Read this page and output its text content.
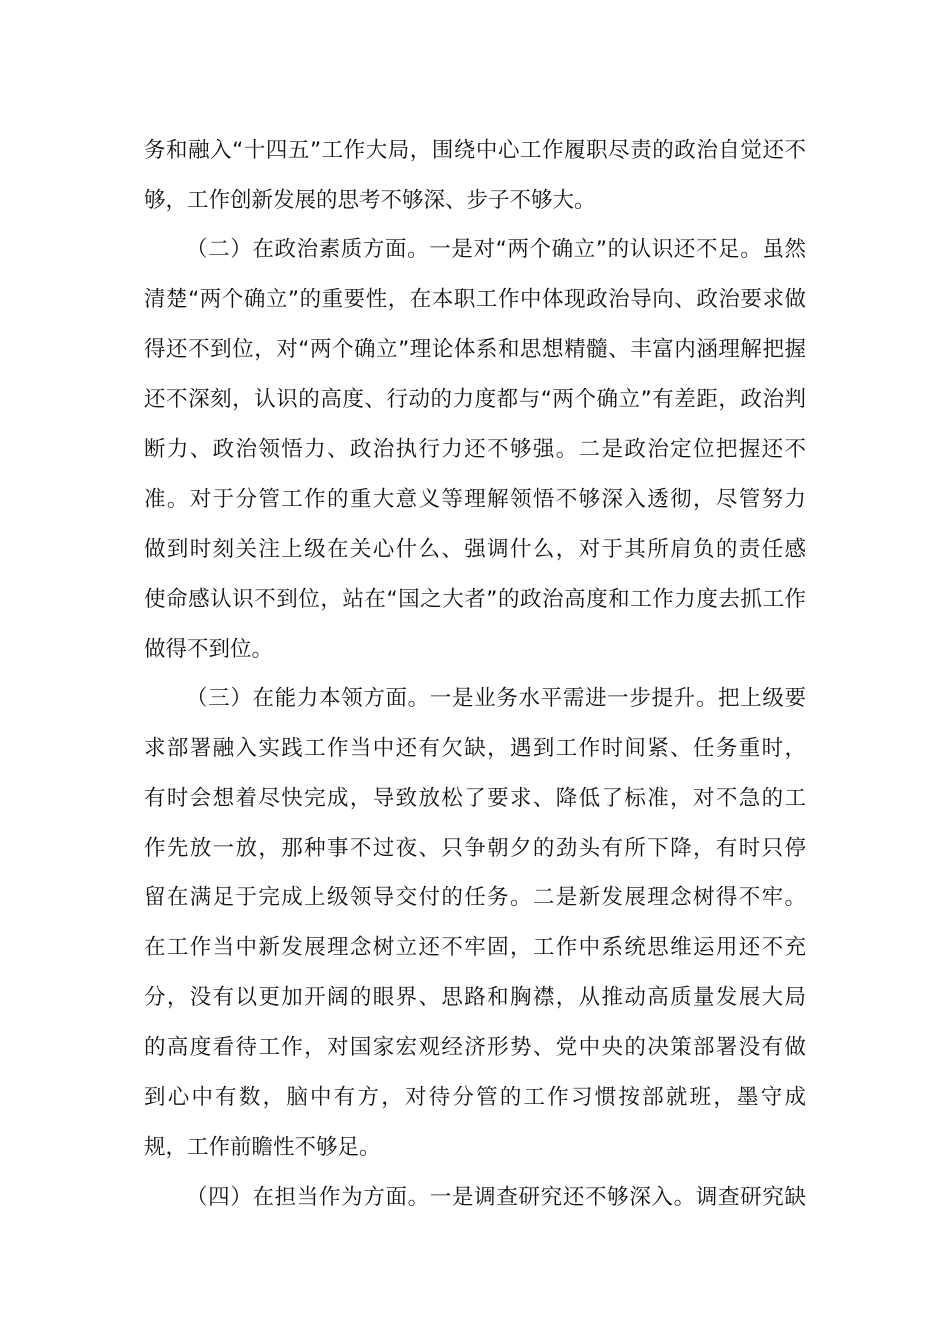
务和融入“十四五”工作大局，围绕中心工作履职尽责的政治自觉还不
够，工作创新发展的思考不够深、步子不够大。
（二）在政治素质方面。一是对“两个确立”的认识还不足。虽然
清楚“两个确立”的重要性，在本职工作中体现政治导向、政治要求做
得还不到位，对“两个确立”理论体系和思想精髓、丰富内涵理解把握
还不深刻，认识的高度、行动的力度都与“两个确立”有差距，政治判
断力、政治领悟力、政治执行力还不够强。二是政治定位把握还不
准。对于分管工作的重大意义等理解领悟不够深入透彻，尽管努力
做到时刻关注上级在关心什么、强调什么，对于其所肩负的责任感
使命感认识不到位，站在“国之大者”的政治高度和工作力度去抓工作
做得不到位。
（三）在能力本领方面。一是业务水平需进一步提升。把上级要
求部署融入实践工作当中还有欠缺，遇到工作时间紧、任务重时，
有时会想着尽快完成，导致放松了要求、降低了标准，对不急的工
作先放一放，那种事不过夜、只争朝夕的劲头有所下降，有时只停
留在满足于完成上级领导交付的任务。二是新发展理念树得不牢。
在工作当中新发展理念树立还不牢固，工作中系统思维运用还不充
分，没有以更加开阔的眼界、思路和胸襟，从推动高质量发展大局
的高度看待工作，对国家宏观经济形势、党中央的决策部署没有做
到心中有数，脑中有方，对待分管的工作习惯按部就班，墨守成
规，工作前瞻性不够足。
（四）在担当作为方面。一是调查研究还不够深入。调查研究缺
